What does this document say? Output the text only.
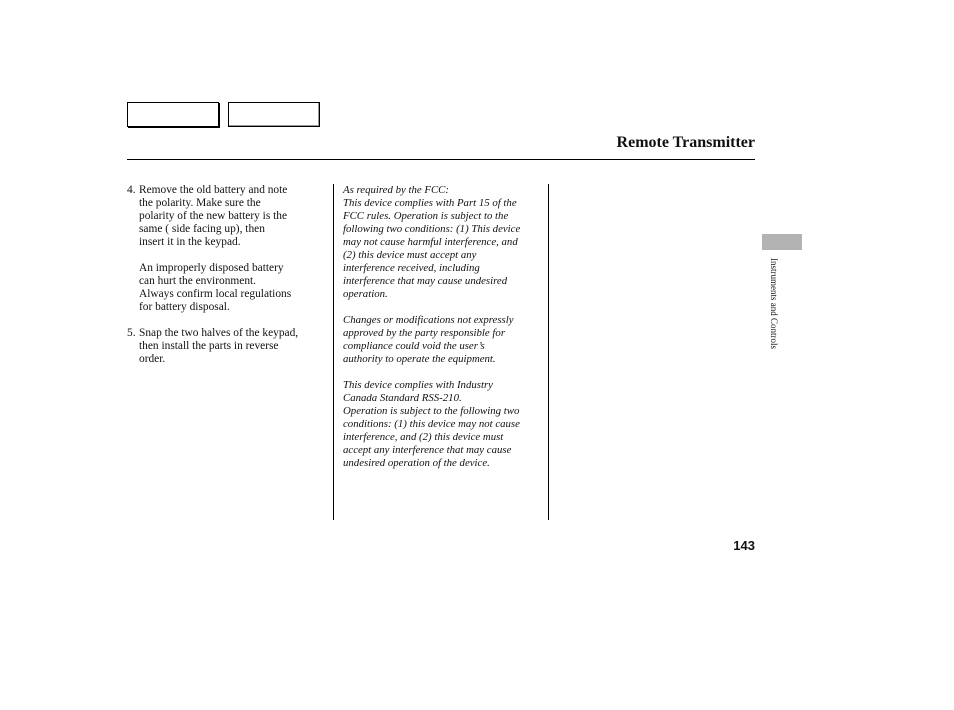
Remote Transmitter
4. Remove the old battery and note
the polarity. Make sure the
polarity of the new battery is the
same ( side facing up), then
insert it in the keypad.
An improperly disposed battery
can hurt the environment.
Always confirm local regulations
for battery disposal.
5. Snap the two halves of the keypad,
then install the parts in reverse
order.
As required by the FCC:
This device complies with Part 15 of the
FCC rules. Operation is subject to the
following two conditions: (1) This device
may not cause harmful interference, and
(2) this device must accept any
interference received, including
interference that may cause undesired
operation.
Changes or modifications not expressly
approved by the party responsible for
compliance could void the user’s
authority to operate the equipment.
This device complies with Industry
Canada Standard RSS-210.
Operation is subject to the following two
conditions: (1) this device may not cause
interference, and (2) this device must
accept any interference that may cause
undesired operation of the device.
Instruments and Controls
143
